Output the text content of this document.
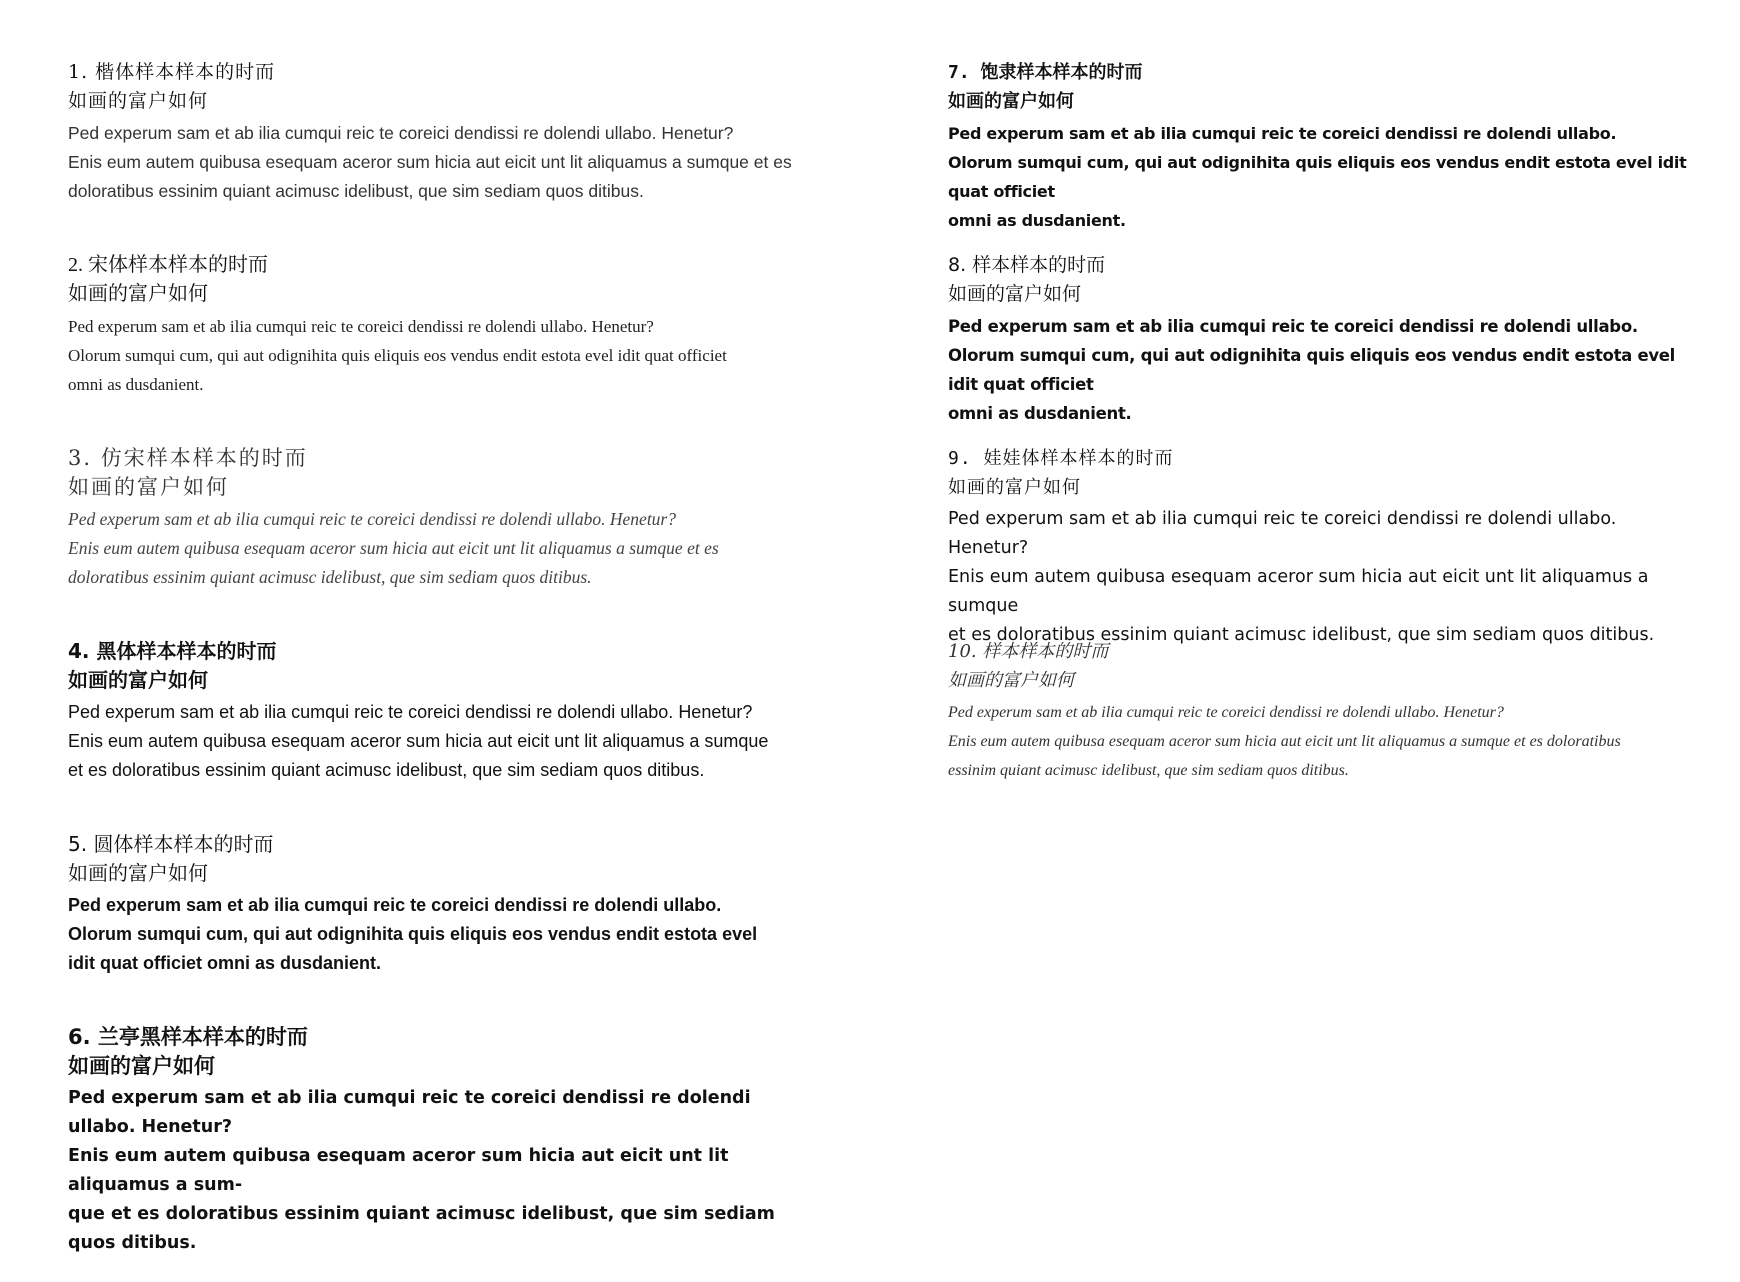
1. 楷体样本样本的时而
如画的富户如何
Ped experum sam et ab ilia cumqui reic te coreici dendissi re dolendi ullabo. Henetur?
Enis eum autem quibusa esequam aceror sum hicia aut eicit unt lit aliquamus a sumque et es
doloratibus essinim quiant acimusc idelibust, que sim sediam quos ditibus.
2. 宋体样本样本的时而
如画的富户如何
Ped experum sam et ab ilia cumqui reic te coreici dendissi re dolendi ullabo. Henetur?
Olorum sumqui cum, qui aut odignihita quis eliquis eos vendus endit estota evel idit quat officiet
omni as dusdanient.
3. 仿宋样本样本的时而
如画的富户如何
Ped experum sam et ab ilia cumqui reic te coreici dendissi re dolendi ullabo. Henetur?
Enis eum autem quibusa esequam aceror sum hicia aut eicit unt lit aliquamus a sumque et es
doloratibus essinim quiant acimusc idelibust, que sim sediam quos ditibus.
4. 黑体样本样本的时而
如画的富户如何
Ped experum sam et ab ilia cumqui reic te coreici dendissi re dolendi ullabo. Henetur?
Enis eum autem quibusa esequam aceror sum hicia aut eicit unt lit aliquamus a sumque
et es doloratibus essinim quiant acimusc idelibust, que sim sediam quos ditibus.
5. 圆体样本样本的时而
如画的富户如何
Ped experum sam et ab ilia cumqui reic te coreici dendissi re dolendi ullabo.
Olorum sumqui cum, qui aut odignihita quis eliquis eos vendus endit estota evel
idit quat officiet omni as dusdanient.
6. 兰亭黑样本样本的时而
如画的富户如何
Ped experum sam et ab ilia cumqui reic te coreici dendissi re dolendi ullabo. Henetur?
Enis eum autem quibusa esequam aceror sum hicia aut eicit unt lit aliquamus a sum-
que et es doloratibus essinim quiant acimusc idelibust, que sim sediam quos ditibus.
7. 饱隶样本样本的时而
如画的富户如何
Ped experum sam et ab ilia cumqui reic te coreici dendissi re dolendi ullabo.
Olorum sumqui cum, qui aut odignihita quis eliquis eos vendus endit estota evel idit quat officiet
omni as dusdanient.
8. 样本样本的时而
如画的富户如何
Ped experum sam et ab ilia cumqui reic te coreici dendissi re dolendi ullabo.
Olorum sumqui cum, qui aut odignihita quis eliquis eos vendus endit estota evel idit quat officiet
omni as dusdanient.
9. 娃娃体样本样本的时而
如画的富户如何
Ped experum sam et ab ilia cumqui reic te coreici dendissi re dolendi ullabo. Henetur?
Enis eum autem quibusa esequam aceror sum hicia aut eicit unt lit aliquamus a sumque
et es doloratibus essinim quiant acimusc idelibust, que sim sediam quos ditibus.
10. 样本样本的时而
如画的富户如何
Ped experum sam et ab ilia cumqui reic te coreici dendissi re dolendi ullabo. Henetur?
Enis eum autem quibusa esequam aceror sum hicia aut eicit unt lit aliquamus a sumque et es doloratibus
essinim quiant acimusc idelibust, que sim sediam quos ditibus.
